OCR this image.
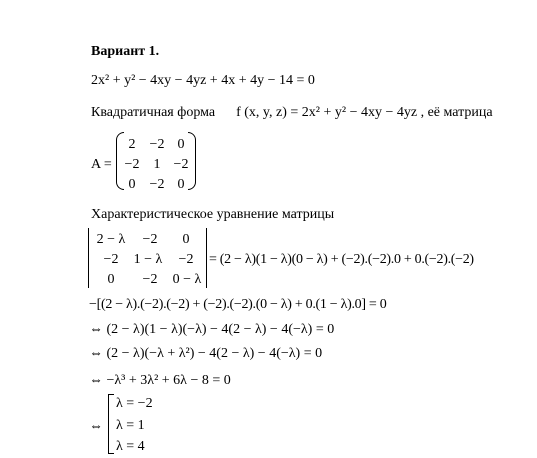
Вариант 1.
2x² + y² − 4xy − 4yz + 4x + 4y − 14 = 0
Квадратичная форма f (x, y, z) = 2x² + y² − 4xy − 4yz , её матрица
A =
2	−2 0
−2	1 −2
0	−2 0
Характеристическое уравнение матрицы
2 − λ	−2	0
−2	1 − λ	−2
0	−2	0 − λ
= (2 − λ)(1 − λ)(0 − λ) + (−2).(−2).0 + 0.(−2).(−2)
−[(2 − λ).(−2).(−2) + (−2).(−2).(0 − λ) + 0.(1 − λ).0] = 0
⇔ (2 − λ)(1 − λ)(−λ) − 4(2 − λ) − 4(−λ) = 0
⇔ (2 − λ)(−λ + λ²) − 4(2 − λ) − 4(−λ) = 0
⇔ −λ³ + 3λ² + 6λ − 8 = 0
⇔
λ = −2
λ = 1
λ = 4
